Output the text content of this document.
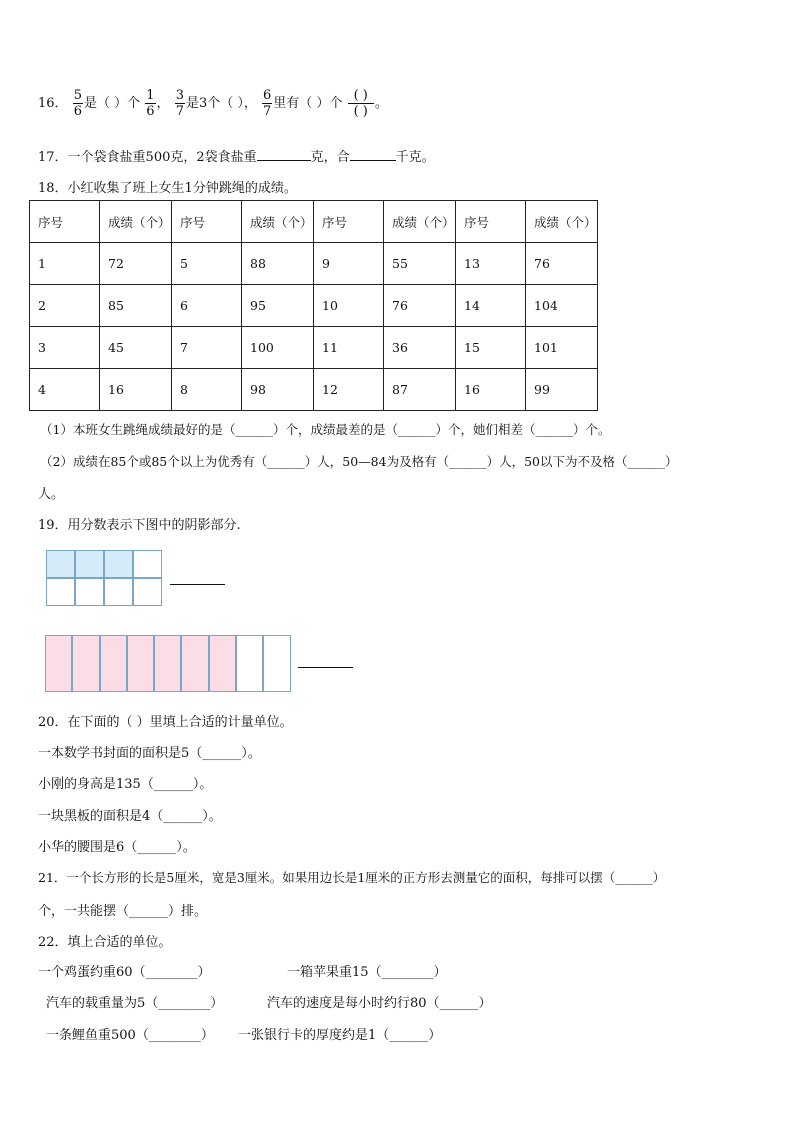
16． $\frac{5}{6}$ 是（ ）个 $\frac{1}{6}$ ， $\frac{3}{7}$ 是3个（ ）， $\frac{6}{7}$ 里有（ ）个 $\frac{( )}{( )}$ 。
17．一个袋食盐重500克，2袋食盐重	克，合	千克。
18．小红收集了班上女生1分钟跳绳的成绩。
序号	成绩（个）	序号	成绩（个）	序号	成绩（个）	序号	成绩（个）
1	72	5	88	9	55	13	76
2	85	6	95	10	76	14	104
3	45	7	100	11	36	15	101
4	16	8	98	12	87	16	99
（1）本班女生跳绳成绩最好的是（______）个，成绩最差的是（______）个，她们相差（______）个。
（2）成绩在85个或85个以上为优秀有（______）人，50—84为及格有（______）人，50以下为不及格（______）
人。
19．用分数表示下图中的阴影部分.
20．在下面的（ ）里填上合适的计量单位。
一本数学书封面的面积是5（______）。
小刚的身高是135（______）。
一块黑板的面积是4（______）。
小华的腰围是6（______）。
21．一个长方形的长是5厘米，宽是3厘米。如果用边长是1厘米的正方形去测量它的面积，每排可以摆（______）
个，一共能摆（______）排。
22．填上合适的单位。
一个鸡蛋约重60（________）	一箱苹果重15（________）
汽车的载重量为5（________）	汽车的速度是每小时约行80（______）
一条鲤鱼重500（________） 一张银行卡的厚度约是1（______）
